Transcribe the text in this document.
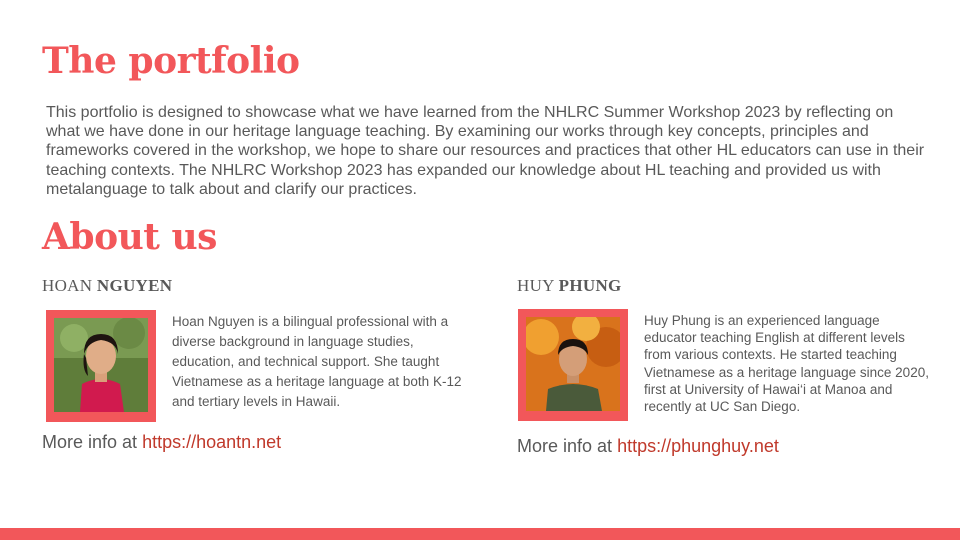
The portfolio

This portfolio is designed to showcase what we have learned from the NHLRC Summer Workshop 2023 by reflecting on what we have done in our heritage language teaching. By examining our works through key concepts, principles and frameworks covered in the workshop, we hope to share our resources and practices that other HL educators can use in their teaching contexts. The NHLRC Workshop 2023 has expanded our knowledge about HL teaching and provided us with metalanguage to talk about and clarify our practices.

About us
HOAN NGUYEN

Hoan Nguyen is a bilingual professional with a diverse background in language studies, education, and technical support. She taught Vietnamese as a heritage language at both K-12 and tertiary levels in Hawaii.

More info at https://hoantn.net
HUY PHUNG

Huy Phung is an experienced language educator teaching English at different levels from various contexts. He started teaching Vietnamese as a heritage language since 2020, first at University of Hawai‘i at Manoa and recently at UC San Diego.

More info at https://phunghuy.net
